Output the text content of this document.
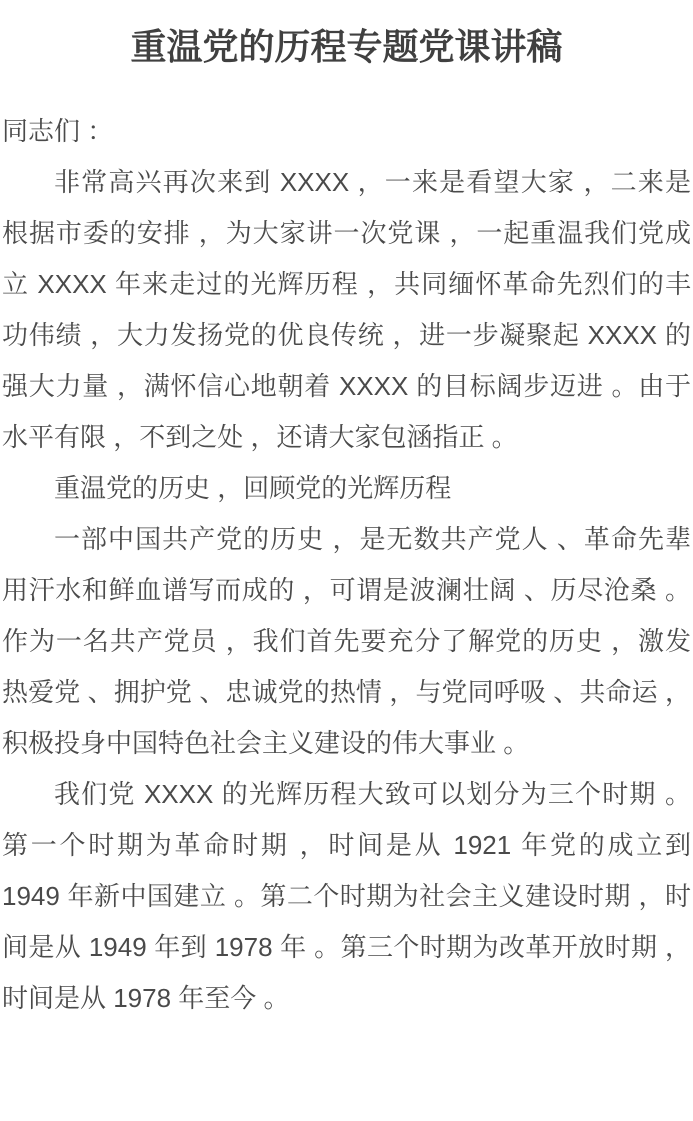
重温党的历程专题党课讲稿

同志们 ：

非常高兴再次来到 XXXX ，一来是看望大家 ，二来是根据市委的安排 ，为大家讲一次党课 ，一起重温我们党成立 XXXX 年来走过的光辉历程 ，共同缅怀革命先烈们的丰功伟绩 ，大力发扬党的优良传统 ，进一步凝聚起 XXXX 的强大力量 ，满怀信心地朝着 XXXX 的目标阔步迈进 。由于水平有限 ，不到之处 ，还请大家包涵指正 。

重温党的历史 ，回顾党的光辉历程

一部中国共产党的历史 ，是无数共产党人 、革命先辈用汗水和鲜血谱写而成的 ，可谓是波澜壮阔 、历尽沧桑 。作为一名共产党员 ，我们首先要充分了解党的历史 ，激发热爱党 、拥护党 、忠诚党的热情 ，与党同呼吸 、共命运 ，积极投身中国特色社会主义建设的伟大事业 。

我们党 XXXX 的光辉历程大致可以划分为三个时期 。第一个时期为革命时期 ，时间是从 1921 年党的成立到 1949 年新中国建立 。第二个时期为社会主义建设时期 ，时间是从 1949 年到 1978 年 。第三个时期为改革开放时期 ，时间是从 1978 年至今 。
